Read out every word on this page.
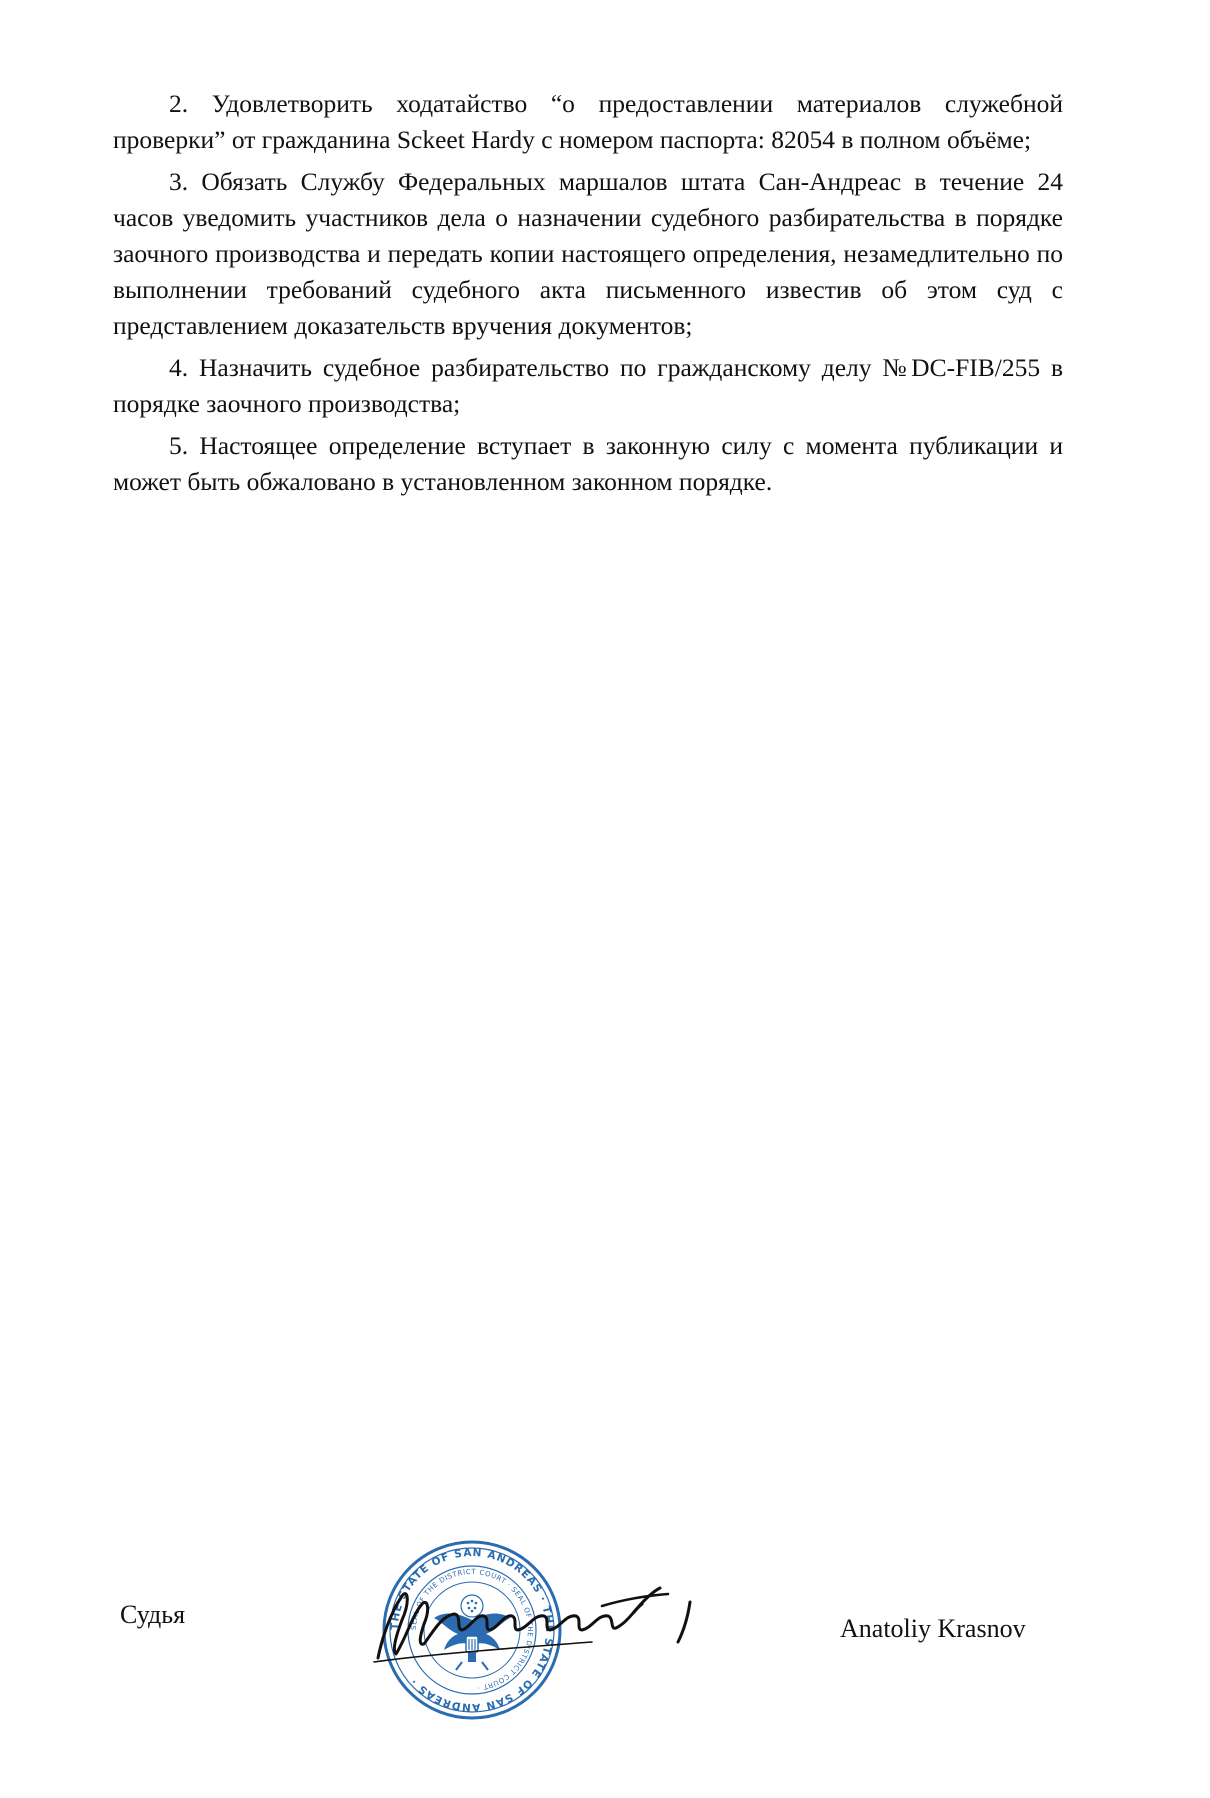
2. Удовлетворить ходатайство “о предоставлении материалов служебной проверки” от гражданина Sckeet Hardy с номером паспорта: 82054 в полном объёме;

3. Обязать Службу Федеральных маршалов штата Сан-Андреас в течение 24 часов уведомить участников дела о назначении судебного разбирательства в порядке заочного производства и передать копии настоящего определения, незамедлительно по выполнении требований судебного акта письменного известив об этом суд с представлением доказательств вручения документов;

4. Назначить судебное разбирательство по гражданскому делу №DC-FIB/255 в порядке заочного производства;

5. Настоящее определение вступает в законную силу с момента публикации и может быть обжаловано в установленном законном порядке.

Судья	THE STATE OF SAN ANDREAS · THE STATE OF SAN ANDREAS ·
SEAL OF THE DISTRICT COURT · SEAL OF THE DISTRICT COURT ·
Anatoliy Krasnov
